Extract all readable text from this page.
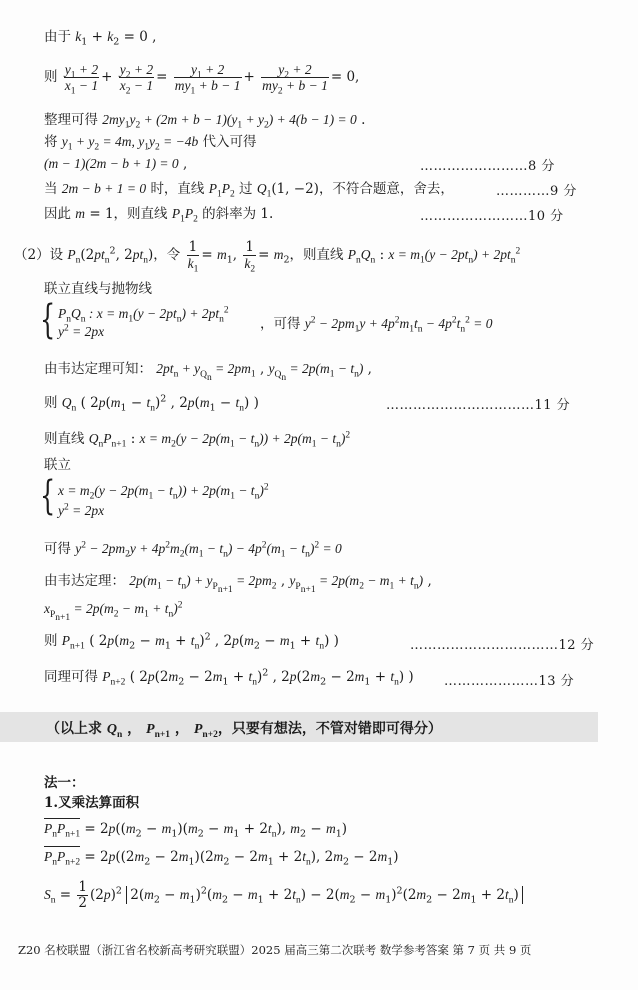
由于 $k_1 + k_2 = 0$ ,
则 $\frac{y_1 + 2}{x_1 - 1} + \frac{y_2 + 2}{x_2 - 1} = \frac{y_1 + 2}{my_1 + b - 1} + \frac{y_2 + 2}{my_2 + b - 1} = 0$,
整理可得 $2my_1y_2 + (2m + b - 1)(y_1 + y_2) + 4(b - 1) = 0$ .
将 $y_1 + y_2 = 4m$, $y_1y_2 = -4b$ 代入可得
(m − 1)(2m − b + 1) = 0 ,	……………………8 分
当 2m − b + 1 = 0 时，直线 $P_1P_2$ 过 $Q_1(1$, −2)，不符合题意，舍去，	…………9 分
因此 m = 1，则直线 $P_1P_2$ 的斜率为 1.	……………………10 分
（2）设 $P_n(2pt_n^2$, $2pt_n$)，令 $\frac{1}{k_1} = m_1$, $\frac{1}{k_2} = m_2$，则直线 $P_nQ_n$ : $x = m_1(y - 2pt_n) + 2pt_n^2$
联立直线与抛物线
{ $P_nQ_n$ : $x = m_1(y - 2pt_n) + 2pt_n^2$
$y^2 = 2px$	，可得 $y^2 - 2pm_1y + 4p^2m_1t_n - 4p^2t_n^2 = 0$
由韦达定理可知： $2pt_n + y_{Q_n} = 2pm_1$ , $y_{Q_n} = 2p(m_1 - t_n)$ ,
则 $Q_n$ ( $2p(m_1 - t_n)^2$ , $2p(m_1 - t_n)$ )	……………………………11 分
则直线 $Q_nP_{n+1}$ : $x = m_2(y - 2p(m_1 - t_n)) + 2p(m_1 - t_n)^2$
联立
{ $x = m_2(y - 2p(m_1 - t_n)) + 2p(m_1 - t_n)^2$
$y^2 = 2px$
可得 $y^2 - 2pm_2y + 4p^2m_2(m_1 - t_n) - 4p^2(m_1 - t_n)^2 = 0$
由韦达定理： $2p(m_1 - t_n) + y_{P_{n+1}} = 2pm_2$ , $y_{P_{n+1}} = 2p(m_2 - m_1 + t_n)$ ,
$x_{P_{n+1}} = 2p(m_2 - m_1 + t_n)^2$
则 $P_{n+1}$ ( $2p(m_2 - m_1 + t_n)^2$ , $2p(m_2 - m_1 + t_n)$ )	……………………………12 分
同理可得 $P_{n+2}$ ( $2p(2m_2 - 2m_1 + t_n)^2$ , $2p(2m_2 - 2m_1 + t_n)$ ) …………………13 分
（以上求 $Q_n$ ， $P_{n+1}$ ， $P_{n+2}$，只要有想法，不管对错即可得分）
法一：
1.叉乘法算面积
$P_nP_{n+1} = 2p((m_2 - m_1)(m_2 - m_1 + 2t_n)$, $m_2 - m_1$)
$P_nP_{n+2} = 2p((2m_2 - 2m_1)(2m_2 - 2m_1 + 2t_n)$, $2m_2 - 2m_1$)
$S_n = \frac{1}{2} (2p)^2$ $2(m_2 - m_1)^2(m_2 - m_1 + 2t_n) - 2(m_2 - m_1)^2(2m_2 - 2m_1 + 2t_n)$
Z20 名校联盟（浙江省名校新高考研究联盟）2025 届高三第二次联考 数学参考答案 第 7 页 共 9 页
